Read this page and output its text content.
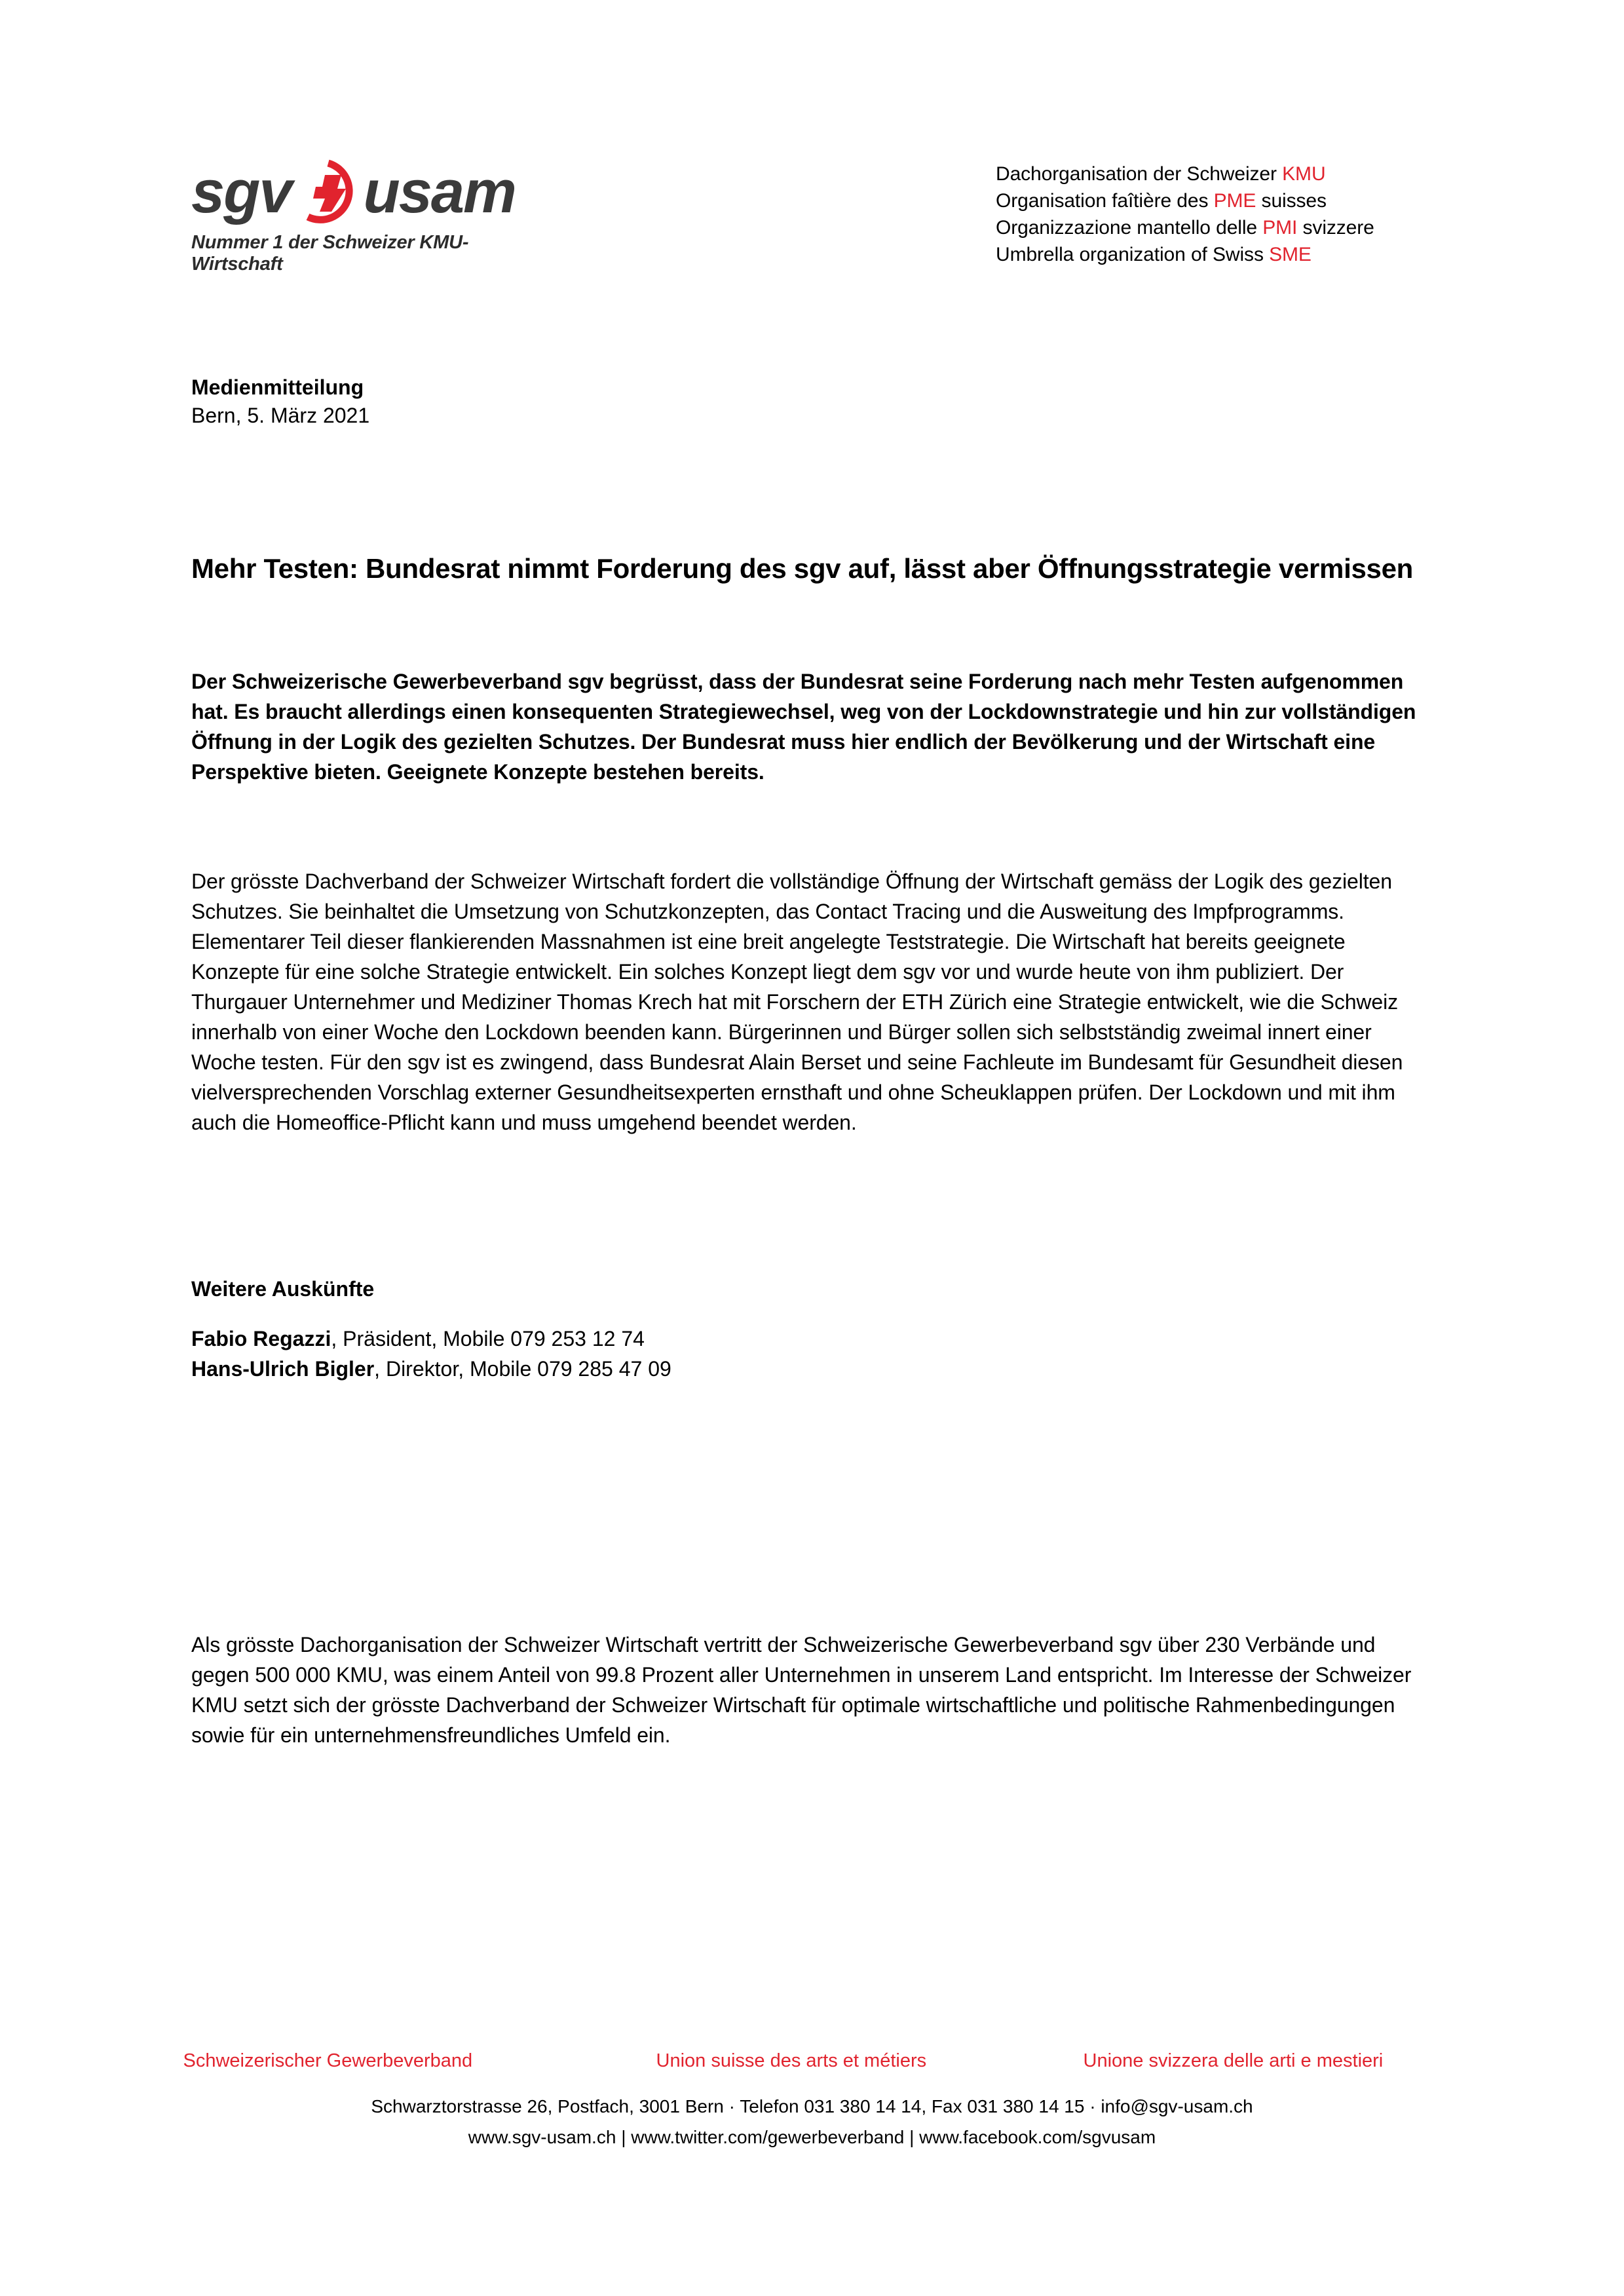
sgv usam
Nummer 1 der Schweizer KMU-Wirtschaft
Dachorganisation der Schweizer KMU
Organisation faîtière des PME suisses
Organizzazione mantello delle PMI svizzere
Umbrella organization of Swiss SME
Medienmitteilung
Bern, 5. März 2021
Mehr Testen: Bundesrat nimmt Forderung des sgv auf, lässt aber Öffnungsstrategie vermissen

Der Schweizerische Gewerbeverband sgv begrüsst, dass der Bundesrat seine Forderung nach mehr Testen aufgenommen hat. Es braucht allerdings einen konsequenten Strategiewechsel, weg von der Lockdownstrategie und hin zur vollständigen Öffnung in der Logik des gezielten Schutzes. Der Bundesrat muss hier endlich der Bevölkerung und der Wirtschaft eine Perspektive bieten. Geeignete Konzepte bestehen bereits.

Der grösste Dachverband der Schweizer Wirtschaft fordert die vollständige Öffnung der Wirtschaft gemäss der Logik des gezielten Schutzes. Sie beinhaltet die Umsetzung von Schutzkonzepten, das Contact Tracing und die Ausweitung des Impfprogramms. Elementarer Teil dieser flankierenden Massnahmen ist eine breit angelegte Teststrategie. Die Wirtschaft hat bereits geeignete Konzepte für eine solche Strategie entwickelt. Ein solches Konzept liegt dem sgv vor und wurde heute von ihm publiziert. Der Thurgauer Unternehmer und Mediziner Thomas Krech hat mit Forschern der ETH Zürich eine Strategie entwickelt, wie die Schweiz innerhalb von einer Woche den Lockdown beenden kann. Bürgerinnen und Bürger sollen sich selbstständig zweimal innert einer Woche testen. Für den sgv ist es zwingend, dass Bundesrat Alain Berset und seine Fachleute im Bundesamt für Gesundheit diesen vielversprechenden Vorschlag externer Gesundheitsexperten ernsthaft und ohne Scheuklappen prüfen. Der Lockdown und mit ihm auch die Homeoffice-Pflicht kann und muss umgehend beendet werden.

Weitere Auskünfte
Fabio Regazzi, Präsident, Mobile 079 253 12 74
Hans-Ulrich Bigler, Direktor, Mobile 079 285 47 09

Als grösste Dachorganisation der Schweizer Wirtschaft vertritt der Schweizerische Gewerbeverband sgv über 230 Verbände und gegen 500 000 KMU, was einem Anteil von 99.8 Prozent aller Unternehmen in unserem Land entspricht. Im Interesse der Schweizer KMU setzt sich der grösste Dachverband der Schweizer Wirtschaft für optimale wirtschaftliche und politische Rahmenbedingungen sowie für ein unternehmensfreundliches Umfeld ein.

Schweizerischer Gewerbeverband	Union suisse des arts et métiers	Unione svizzera delle arti e mestieri
Schwarztorstrasse 26, Postfach, 3001 Bern · Telefon 031 380 14 14, Fax 031 380 14 15 · info@sgv-usam.ch
www.sgv-usam.ch | www.twitter.com/gewerbeverband | www.facebook.com/sgvusam
